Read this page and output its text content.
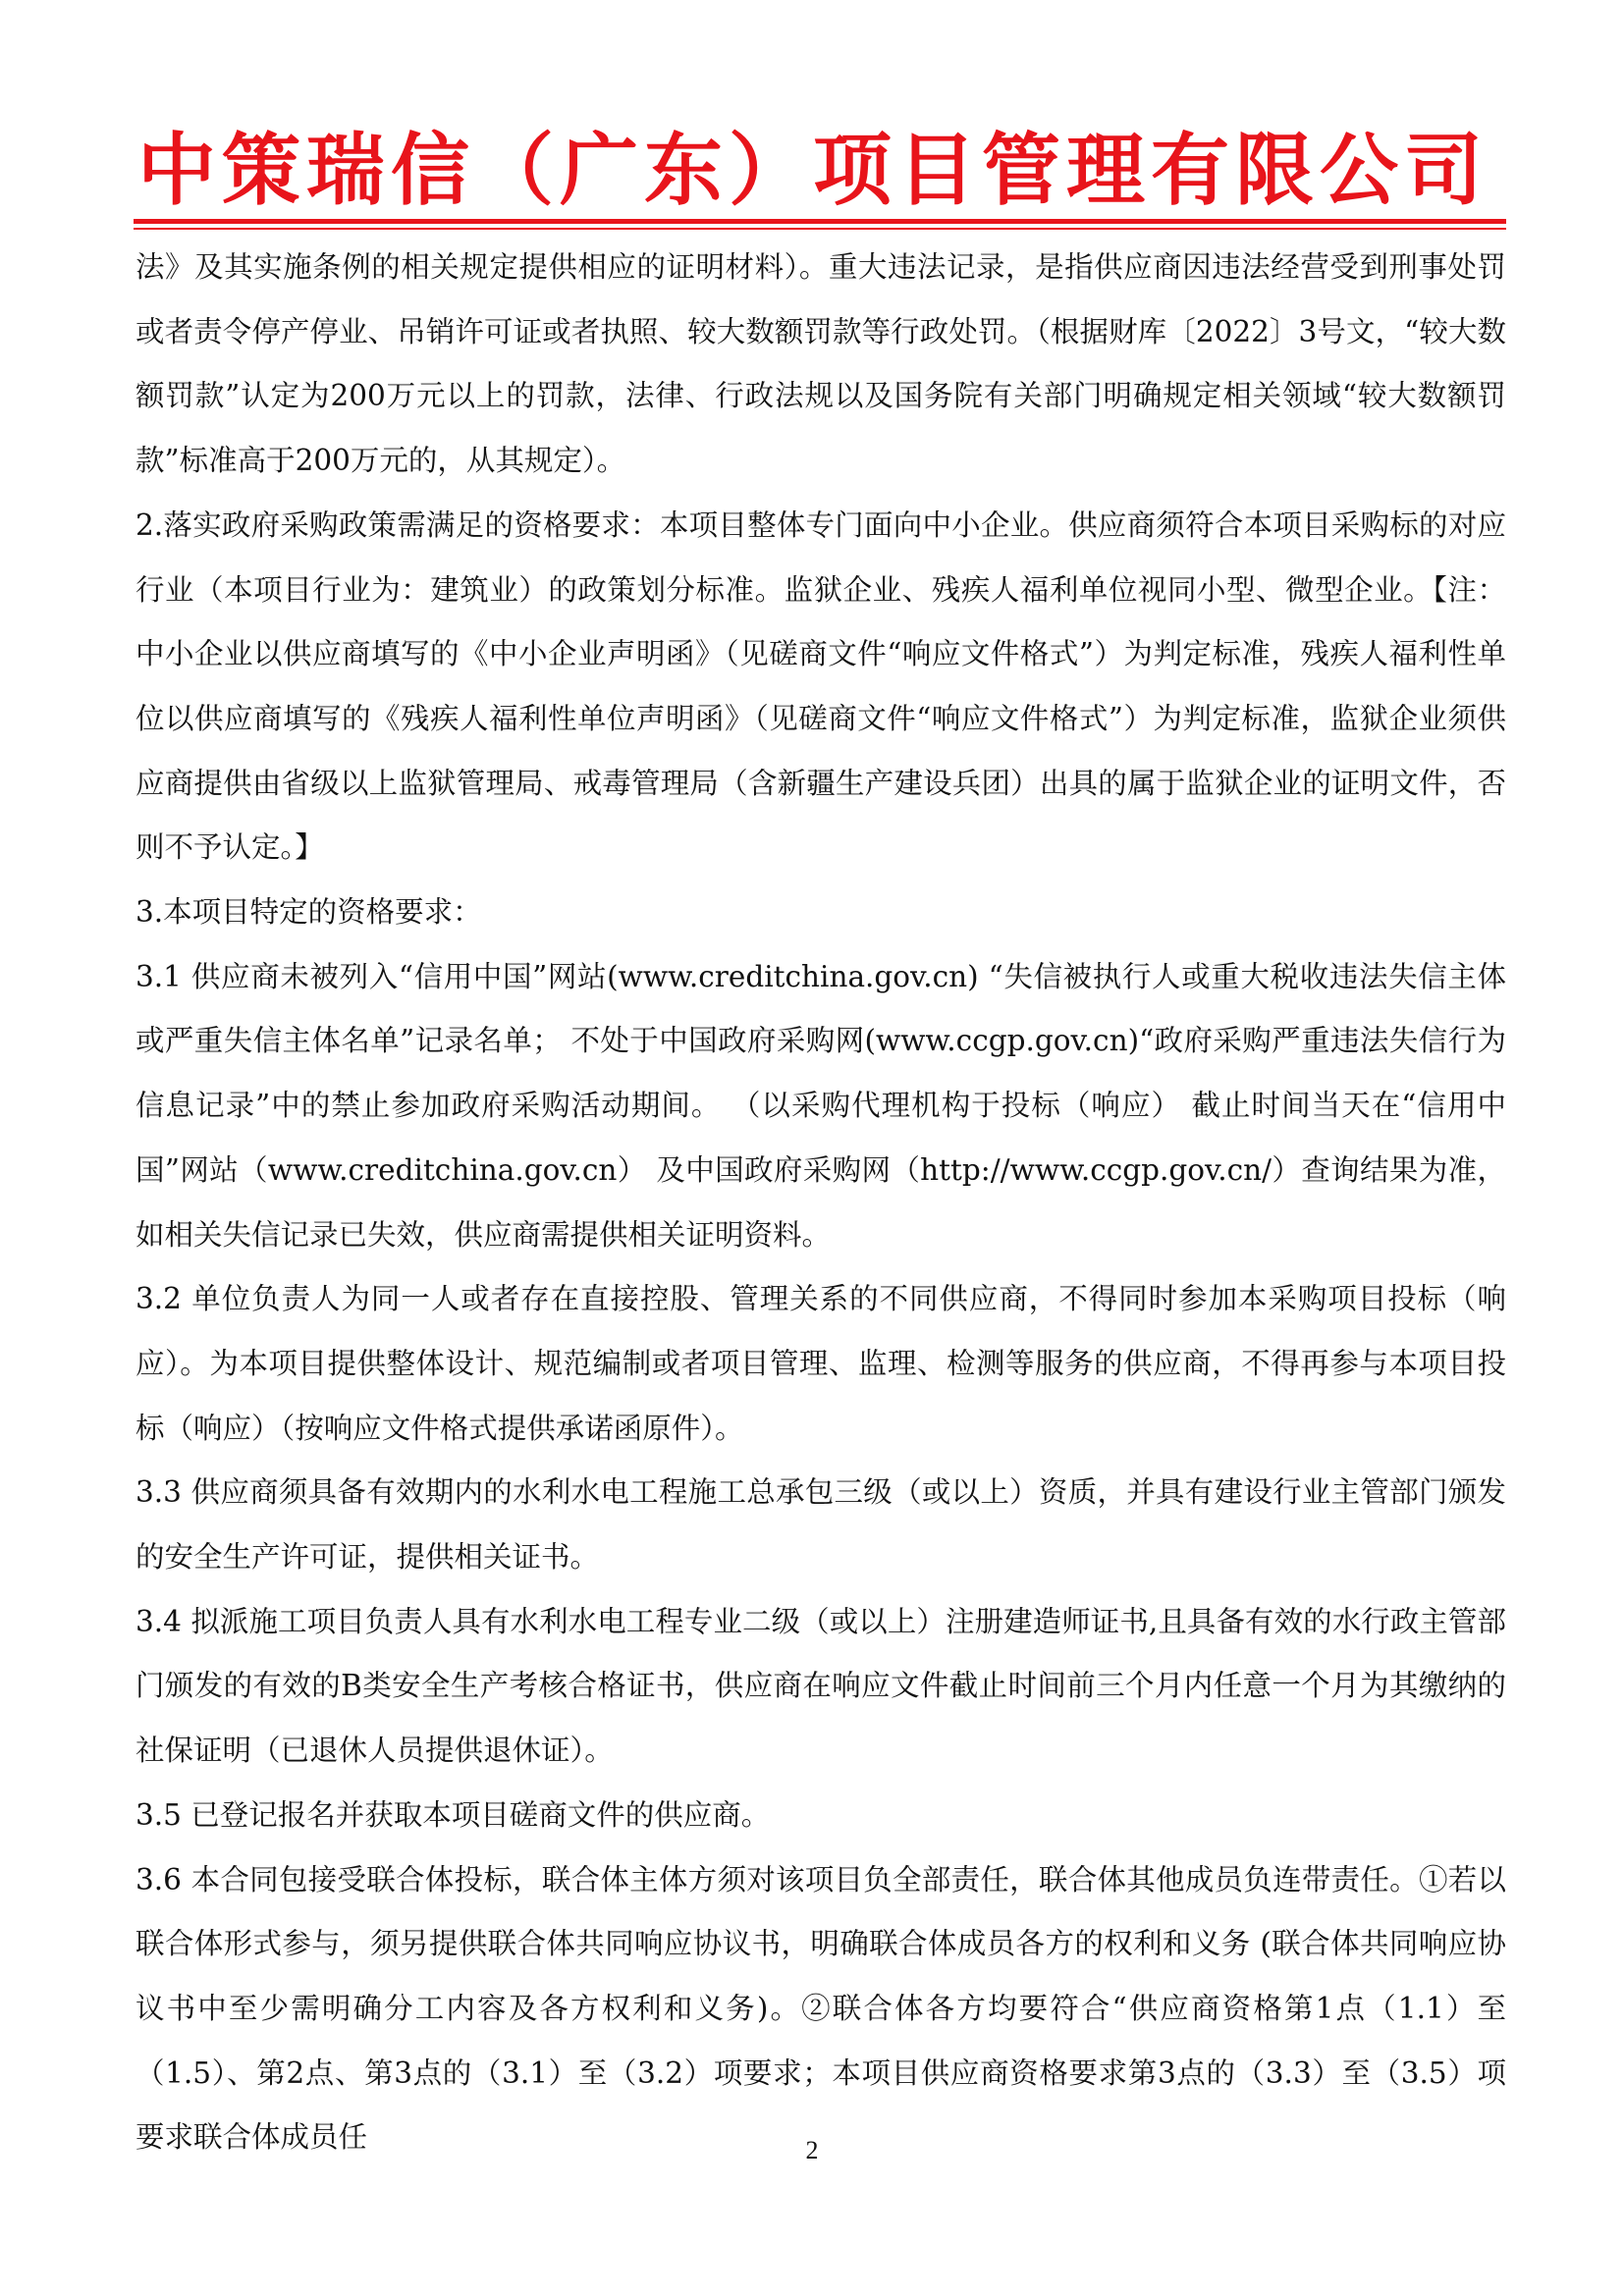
中策瑞信（广东）项目管理有限公司

法》及其实施条例的相关规定提供相应的证明材料）。重大违法记录，是指供应商因违法经营受到刑事处罚或者责令停产停业、吊销许可证或者执照、较大数额罚款等行政处罚。（根据财库〔2022〕3号文，“较大数额罚款”认定为200万元以上的罚款，法律、行政法规以及国务院有关部门明确规定相关领域“较大数额罚款”标准高于200万元的，从其规定）。

2.落实政府采购政策需满足的资格要求：本项目整体专门面向中小企业。供应商须符合本项目采购标的对应行业（本项目行业为：建筑业）的政策划分标准。监狱企业、残疾人福利单位视同小型、微型企业。【注：中小企业以供应商填写的《中小企业声明函》（见磋商文件“响应文件格式”）为判定标准，残疾人福利性单位以供应商填写的《残疾人福利性单位声明函》（见磋商文件“响应文件格式”）为判定标准，监狱企业须供应商提供由省级以上监狱管理局、戒毒管理局（含新疆生产建设兵团）出具的属于监狱企业的证明文件，否则不予认定。】

3.本项目特定的资格要求：

3.1 供应商未被列入“信用中国”网站(www.creditchina.gov.cn) “失信被执行人或重大税收违法失信主体或严重失信主体名单”记录名单； 不处于中国政府采购网(www.ccgp.gov.cn)“政府采购严重违法失信行为信息记录”中的禁止参加政府采购活动期间。 （以采购代理机构于投标（响应） 截止时间当天在“信用中国”网站（www.creditchina.gov.cn） 及中国政府采购网（http://www.ccgp.gov.cn/）查询结果为准，如相关失信记录已失效，供应商需提供相关证明资料。

3.2 单位负责人为同一人或者存在直接控股、管理关系的不同供应商，不得同时参加本采购项目投标（响应）。为本项目提供整体设计、规范编制或者项目管理、监理、检测等服务的供应商，不得再参与本项目投标（响应）（按响应文件格式提供承诺函原件）。

3.3 供应商须具备有效期内的水利水电工程施工总承包三级（或以上）资质，并具有建设行业主管部门颁发的安全生产许可证，提供相关证书。

3.4 拟派施工项目负责人具有水利水电工程专业二级（或以上）注册建造师证书,且具备有效的水行政主管部门颁发的有效的B类安全生产考核合格证书，供应商在响应文件截止时间前三个月内任意一个月为其缴纳的社保证明（已退休人员提供退休证）。

3.5 已登记报名并获取本项目磋商文件的供应商。

3.6 本合同包接受联合体投标，联合体主体方须对该项目负全部责任，联合体其他成员负连带责任。①若以联合体形式参与，须另提供联合体共同响应协议书，明确联合体成员各方的权利和义务 (联合体共同响应协议书中至少需明确分工内容及各方权利和义务)。②联合体各方均要符合“供应商资格第1点（1.1）至（1.5）、第2点、第3点的（3.1）至（3.2）项要求；本项目供应商资格要求第3点的（3.3）至（3.5）项要求联合体成员任	2
